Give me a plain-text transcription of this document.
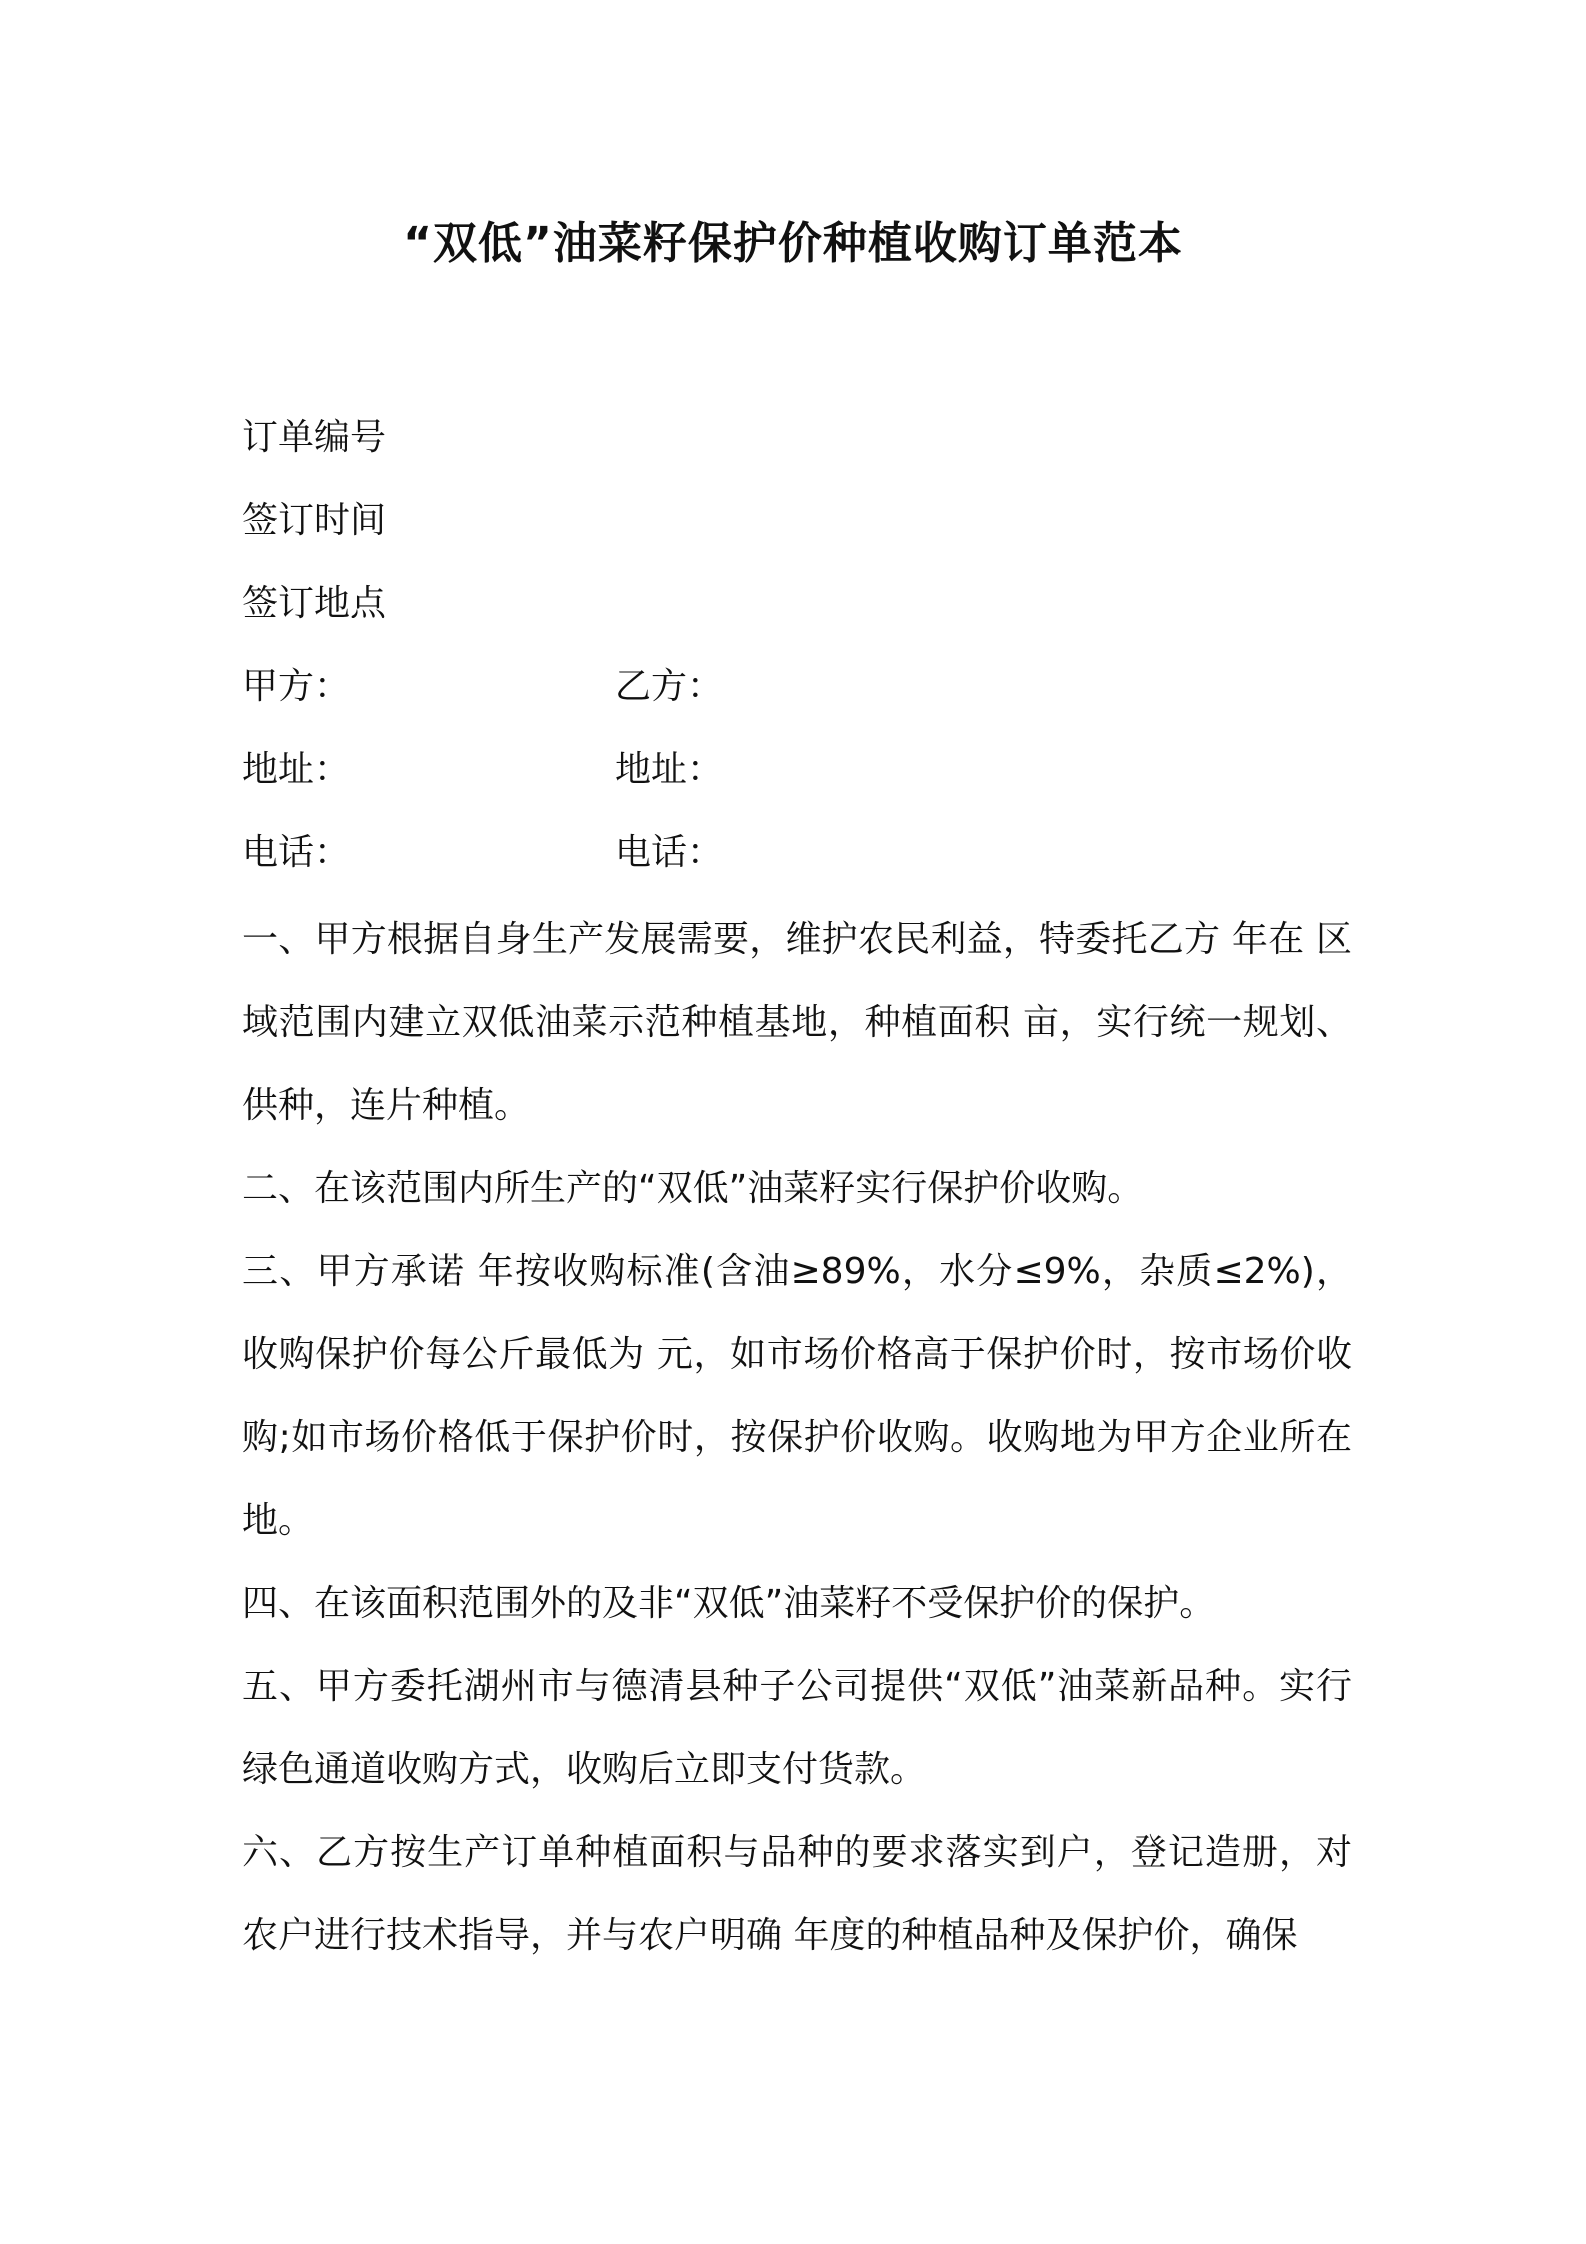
“双低”油菜籽保护价种植收购订单范本
订单编号
签订时间
签订地点
甲方：	乙方：
地址：	地址：
电话：	电话：

一、甲方根据自身生产发展需要，维护农民利益，特委托乙方 年在 区域范围内建立双低油菜示范种植基地，种植面积 亩，实行统一规划、供种，连片种植。

二、在该范围内所生产的“双低”油菜籽实行保护价收购。

三、甲方承诺 年按收购标准(含油≥89%，水分≤9%，杂质≤2%)，收购保护价每公斤最低为 元，如市场价格高于保护价时，按市场价收购;如市场价格低于保护价时，按保护价收购。收购地为甲方企业所在地。

四、在该面积范围外的及非“双低”油菜籽不受保护价的保护。

五、甲方委托湖州市与德清县种子公司提供“双低”油菜新品种。实行绿色通道收购方式，收购后立即支付货款。

六、乙方按生产订单种植面积与品种的要求落实到户，登记造册，对农户进行技术指导，并与农户明确 年度的种植品种及保护价，确保
